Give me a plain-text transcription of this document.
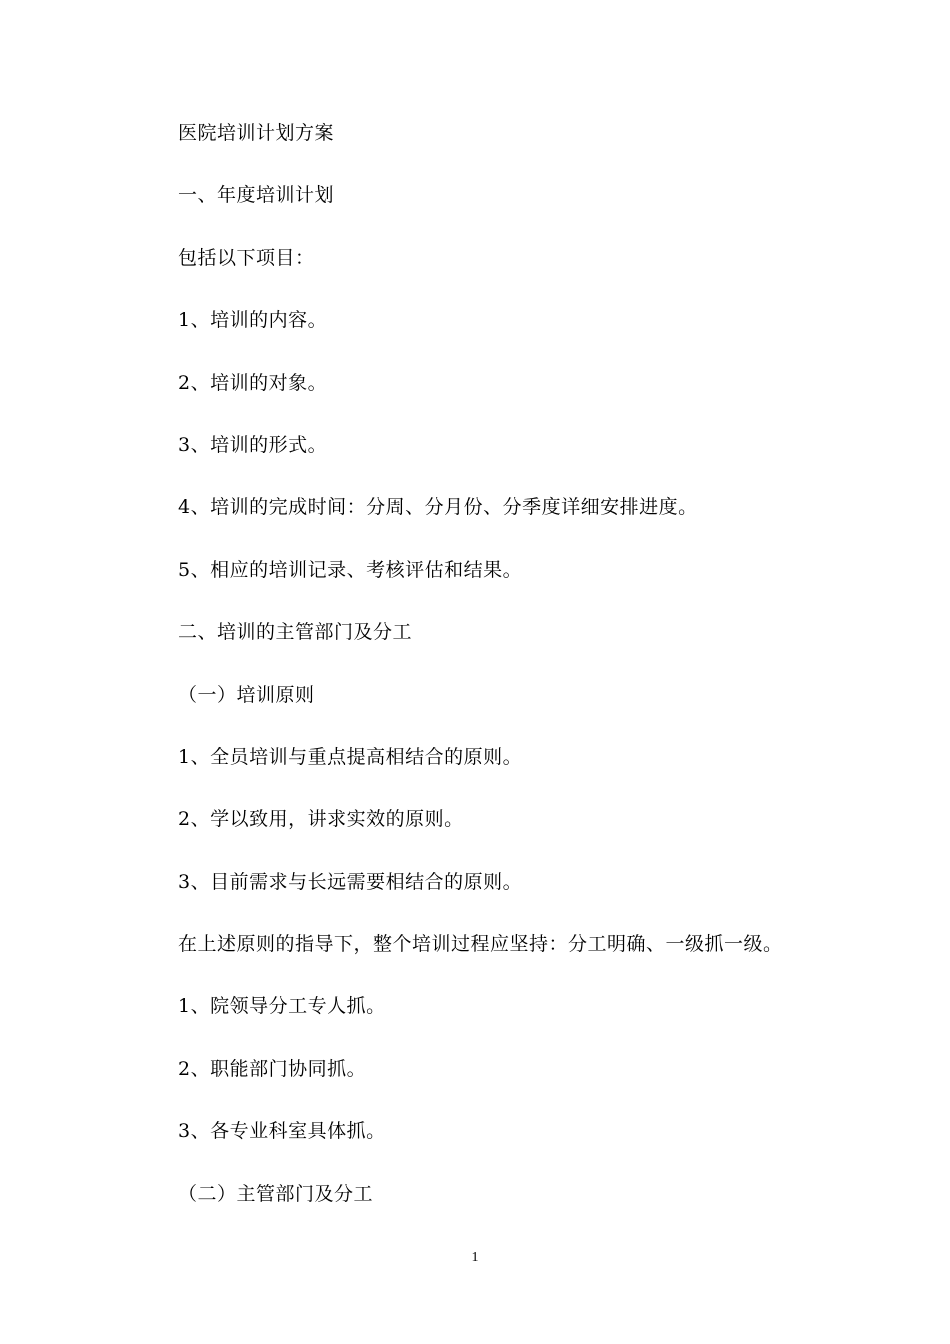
医院培训计划方案
一、年度培训计划
包括以下项目：
1、培训的内容。
2、培训的对象。
3、培训的形式。
4、培训的完成时间：分周、分月份、分季度详细安排进度。
5、相应的培训记录、考核评估和结果。
二、培训的主管部门及分工
（一）培训原则
1、全员培训与重点提高相结合的原则。
2、学以致用，讲求实效的原则。
3、目前需求与长远需要相结合的原则。
在上述原则的指导下，整个培训过程应坚持：分工明确、一级抓一级。
1、院领导分工专人抓。
2、职能部门协同抓。
3、各专业科室具体抓。
（二）主管部门及分工
1
